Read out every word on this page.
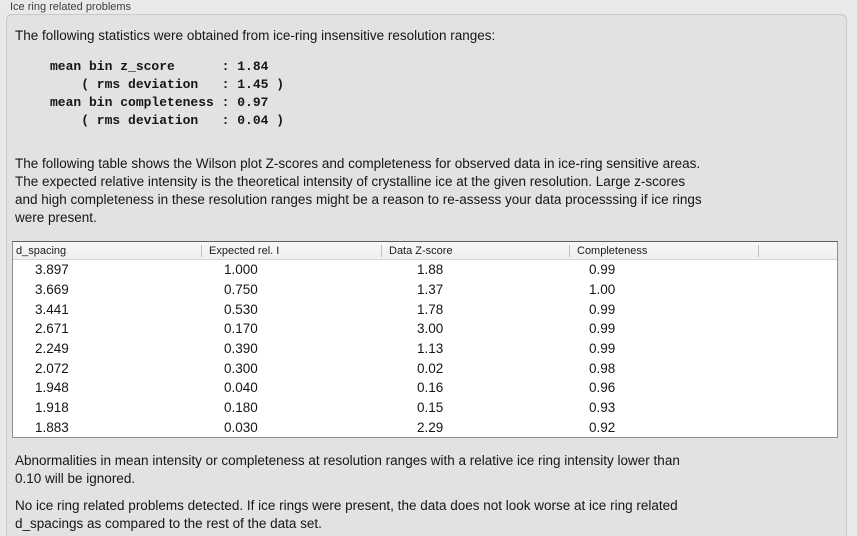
Ice ring related problems
The following statistics were obtained from ice-ring insensitive resolution ranges:
mean bin z_score      : 1.84
( rms deviation   : 1.45 )
mean bin completeness : 0.97
( rms deviation   : 0.04 )
The following table shows the Wilson plot Z-scores and completeness for observed data in ice-ring sensitive areas.
The expected relative intensity is the theoretical intensity of crystalline ice at the given resolution. Large z-scores
and high completeness in these resolution ranges might be a reason to re-assess your data processsing if ice rings
were present.
d_spacing	Expected rel. I	Data Z-score	Completeness
3.897	1.000	1.88	0.99
3.669	0.750	1.37	1.00
3.441	0.530	1.78	0.99
2.671	0.170	3.00	0.99
2.249	0.390	1.13	0.99
2.072	0.300	0.02	0.98
1.948	0.040	0.16	0.96
1.918	0.180	0.15	0.93
1.883	0.030	2.29	0.92
Abnormalities in mean intensity or completeness at resolution ranges with a relative ice ring intensity lower than
0.10 will be ignored.
No ice ring related problems detected. If ice rings were present, the data does not look worse at ice ring related
d_spacings as compared to the rest of the data set.
